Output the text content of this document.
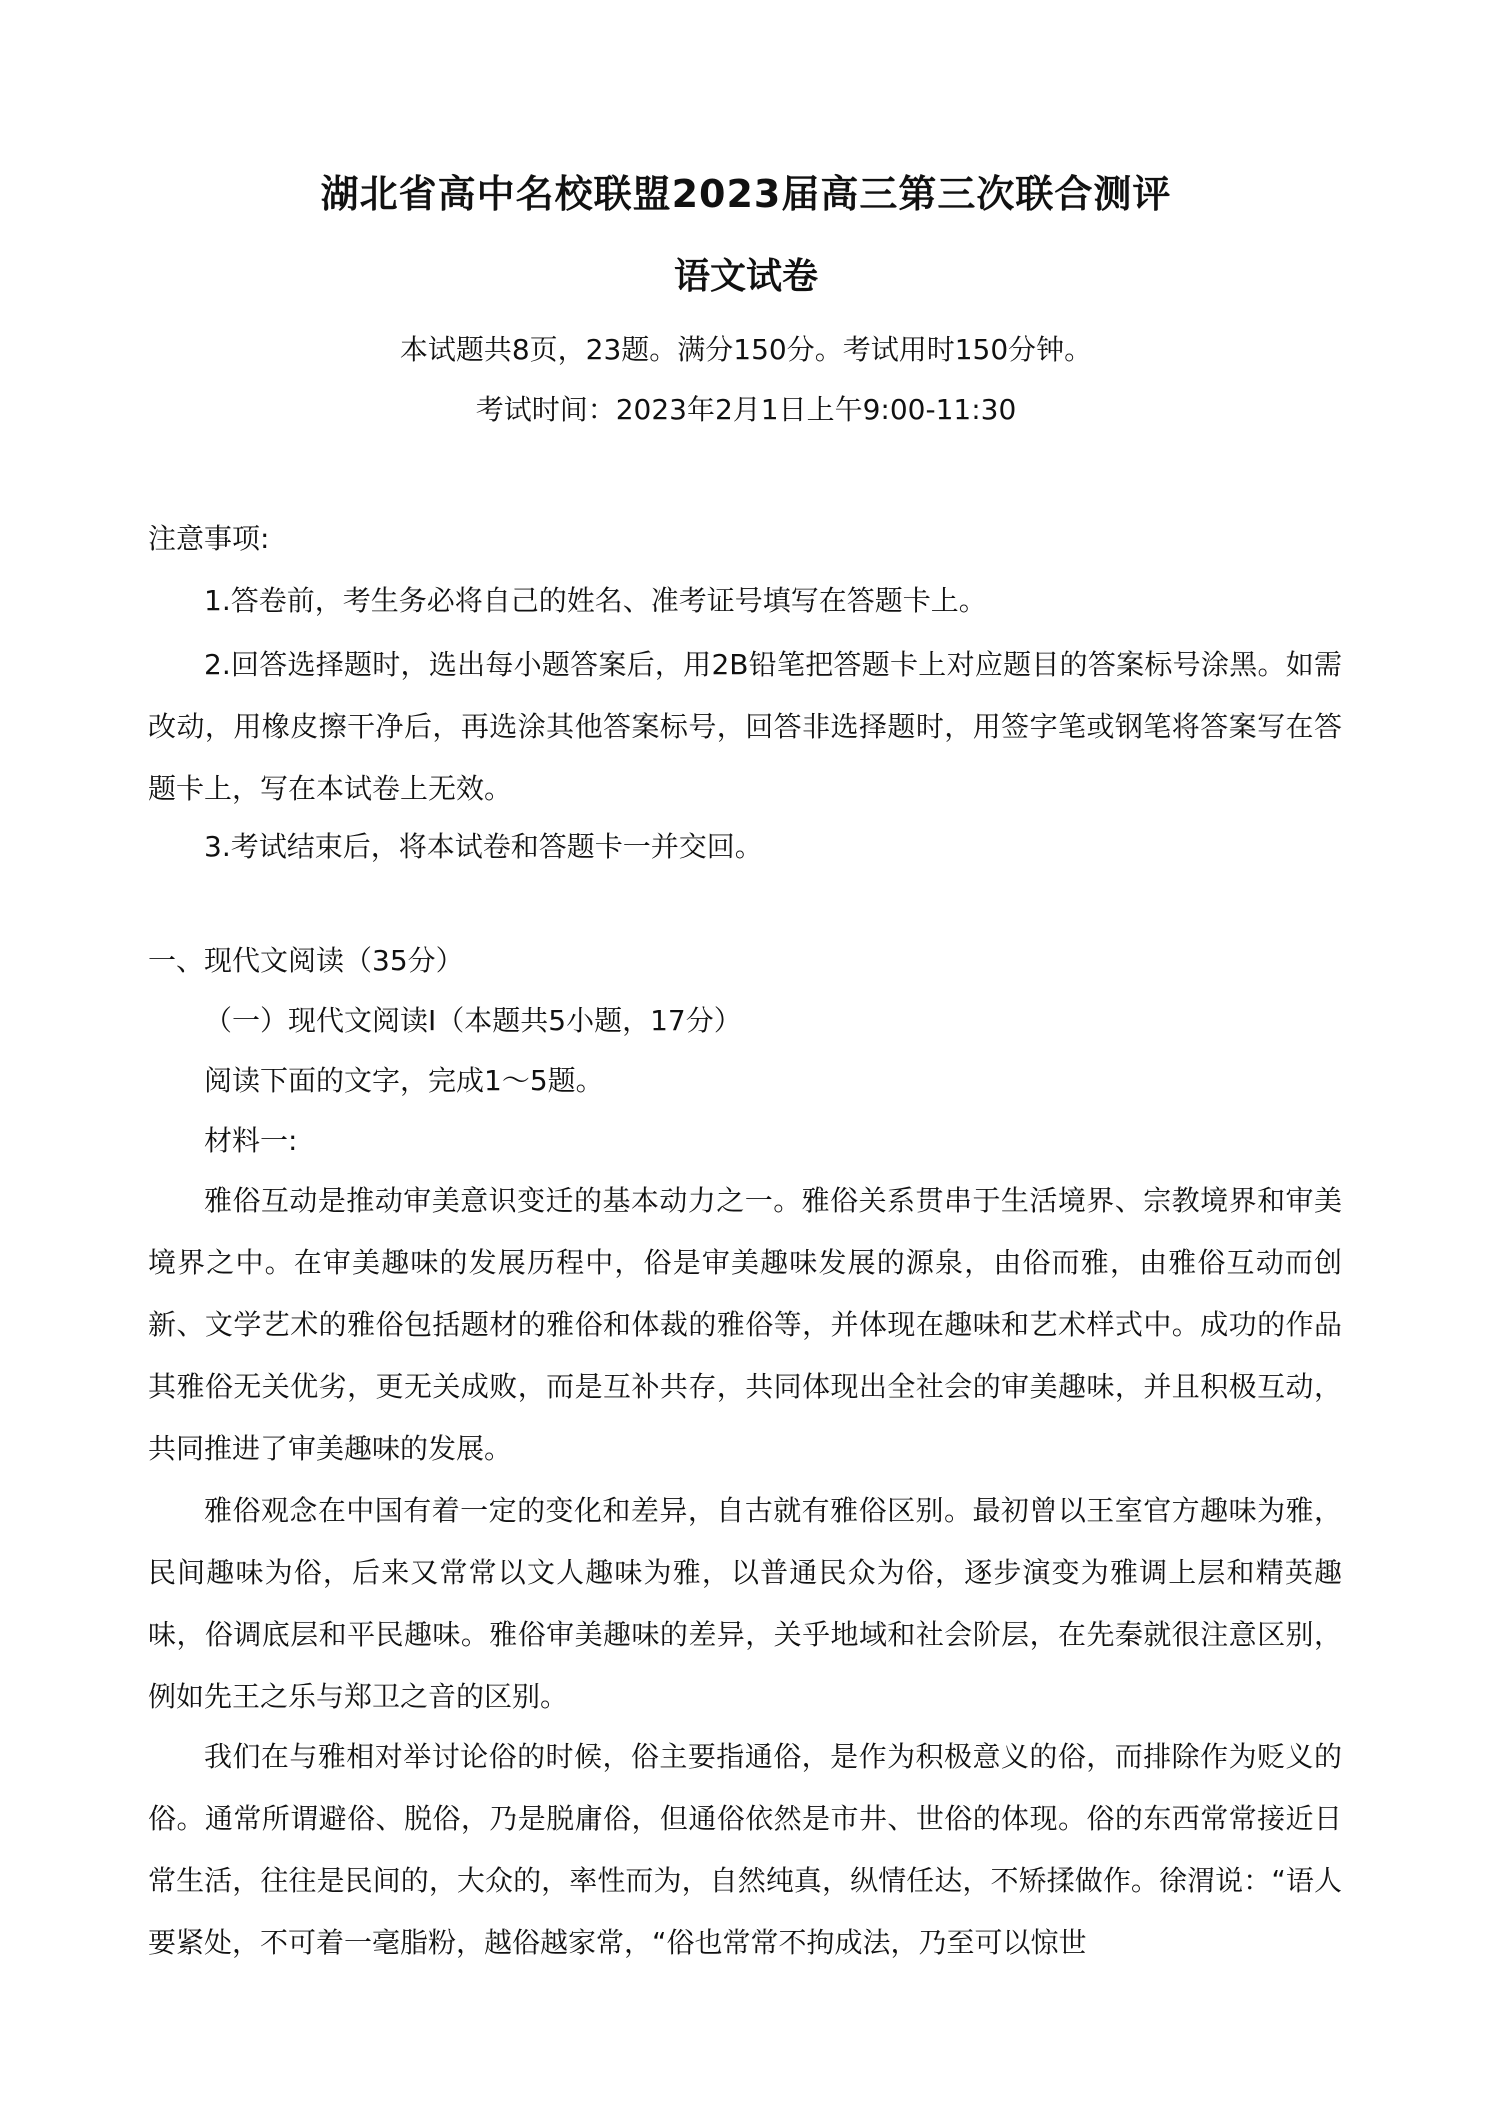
湖北省高中名校联盟2023届高三第三次联合测评
语文试卷
本试题共8页，23题。满分150分。考试用时150分钟。
考试时间：2023年2月1日上午9:00-11:30
注意事项:

1.答卷前，考生务必将自己的姓名、准考证号填写在答题卡上。

2.回答选择题时，选出每小题答案后，用2B铅笔把答题卡上对应题目的答案标号涂黑。如需改动，用橡皮擦干净后，再选涂其他答案标号，回答非选择题时，用签字笔或钢笔将答案写在答题卡上，写在本试卷上无效。

3.考试结束后，将本试卷和答题卡一并交回。

一、现代文阅读（35分）
（一）现代文阅读Ⅰ（本题共5小题，17分）
阅读下面的文字，完成1～5题。
材料一:

雅俗互动是推动审美意识变迁的基本动力之一。雅俗关系贯串于生活境界、宗教境界和审美境界之中。在审美趣味的发展历程中，俗是审美趣味发展的源泉，由俗而雅，由雅俗互动而创新、文学艺术的雅俗包括题材的雅俗和体裁的雅俗等，并体现在趣味和艺术样式中。成功的作品其雅俗无关优劣，更无关成败，而是互补共存，共同体现出全社会的审美趣味，并且积极互动，共同推进了审美趣味的发展。

雅俗观念在中国有着一定的变化和差异，自古就有雅俗区别。最初曾以王室官方趣味为雅，民间趣味为俗，后来又常常以文人趣味为雅，以普通民众为俗，逐步演变为雅调上层和精英趣味，俗调底层和平民趣味。雅俗审美趣味的差异，关乎地域和社会阶层，在先秦就很注意区别，例如先王之乐与郑卫之音的区别。

我们在与雅相对举讨论俗的时候，俗主要指通俗，是作为积极意义的俗，而排除作为贬义的俗。通常所谓避俗、脱俗，乃是脱庸俗，但通俗依然是市井、世俗的体现。俗的东西常常接近日常生活，往往是民间的，大众的，率性而为，自然纯真，纵情任达，不矫揉做作。徐渭说：“语人要紧处，不可着一毫脂粉，越俗越家常，“俗也常常不拘成法，乃至可以惊世
